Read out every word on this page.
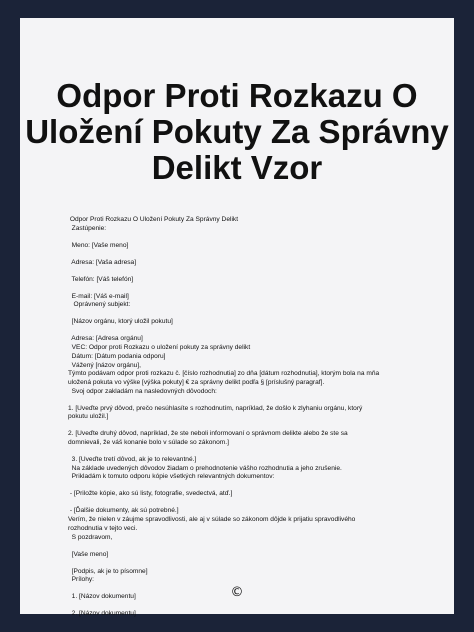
Odpor Proti Rozkazu O
Uložení Pokuty Za Správny
Delikt Vzor
Odpor Proti Rozkazu O Uložení Pokuty Za Správny Delikt
Zastúpenie:
Meno: [Vaše meno]
Adresa: [Vaša adresa]
Telefón: [Váš telefón]
E-mail: [Váš e-mail]
Oprávnený subjekt:
[Názov orgánu, ktorý uložil pokutu]
Adresa: [Adresa orgánu]
VEC: Odpor proti Rozkazu o uložení pokuty za správny delikt
Dátum: [Dátum podania odporu]
Vážený [názov orgánu],
Týmto podávam odpor proti rozkazu č. [číslo rozhodnutia] zo dňa [dátum rozhodnutia], ktorým bola na mňa
uložená pokuta vo výške [výška pokuty] € za správny delikt podľa § [príslušný paragraf].
Svoj odpor zakladám na nasledovných dôvodoch:
1. [Uveďte prvý dôvod, prečo nesúhlasíte s rozhodnutím, napríklad, že došlo k zlyhaniu orgánu, ktorý
pokutu uložil.]
2. [Uveďte druhý dôvod, napríklad, že ste neboli informovaní o správnom delikte alebo že ste sa
domnievali, že váš konanie bolo v súlade so zákonom.]
3. [Uveďte tretí dôvod, ak je to relevantné.]
Na základe uvedených dôvodov žiadam o prehodnotenie vášho rozhodnutia a jeho zrušenie.
Prikladám k tomuto odporu kópie všetkých relevantných dokumentov:
- [Priložte kópie, ako sú listy, fotografie, svedectvá, atď.]
- [Ďalšie dokumenty, ak sú potrebné.]
Verím, že nielen v záujme spravodlivosti, ale aj v súlade so zákonom dôjde k prijatiu spravodlivého
rozhodnutia v tejto veci.
S pozdravom,
[Vaše meno]
[Podpis, ak je to písomne]
Prílohy:
1. [Názov dokumentu]
2. [Názov dokumentu]
©
